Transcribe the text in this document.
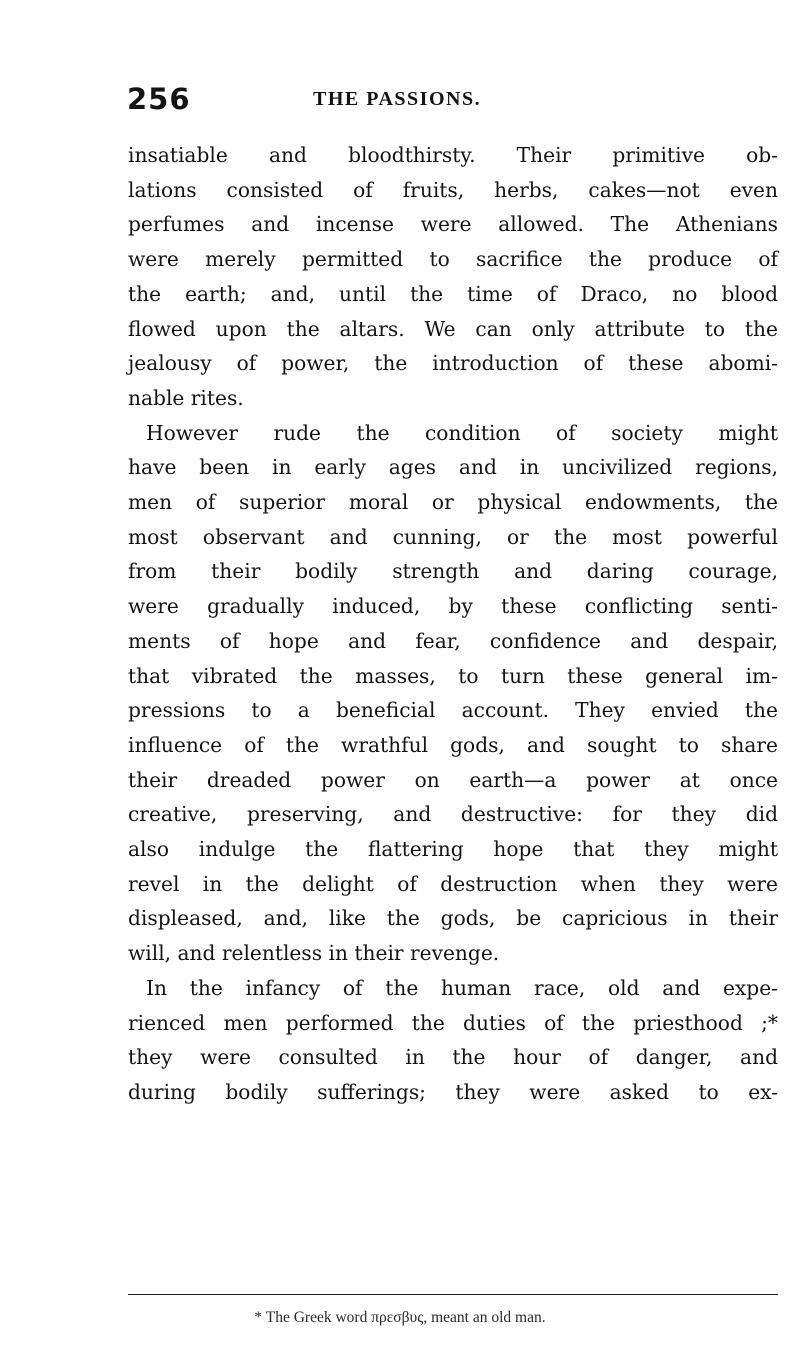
256	THE PASSIONS.
insatiable and bloodthirsty. Their primitive ob-
lations consisted of fruits, herbs, cakes—not even
perfumes and incense were allowed. The Athenians
were merely permitted to sacrifice the produce of
the earth; and, until the time of Draco, no blood
flowed upon the altars. We can only attribute to the
jealousy of power, the introduction of these abomi-
nable rites.
However rude the condition of society might
have been in early ages and in uncivilized regions,
men of superior moral or physical endowments, the
most observant and cunning, or the most powerful
from their bodily strength and daring courage,
were gradually induced, by these conflicting senti-
ments of hope and fear, confidence and despair,
that vibrated the masses, to turn these general im-
pressions to a beneficial account. They envied the
influence of the wrathful gods, and sought to share
their dreaded power on earth—a power at once
creative, preserving, and destructive: for they did
also indulge the flattering hope that they might
revel in the delight of destruction when they were
displeased, and, like the gods, be capricious in their
will, and relentless in their revenge.
In the infancy of the human race, old and expe-
rienced men performed the duties of the priesthood ;*
they were consulted in the hour of danger, and
during bodily sufferings; they were asked to ex-
* The Greek word πρεσβυς, meant an old man.
